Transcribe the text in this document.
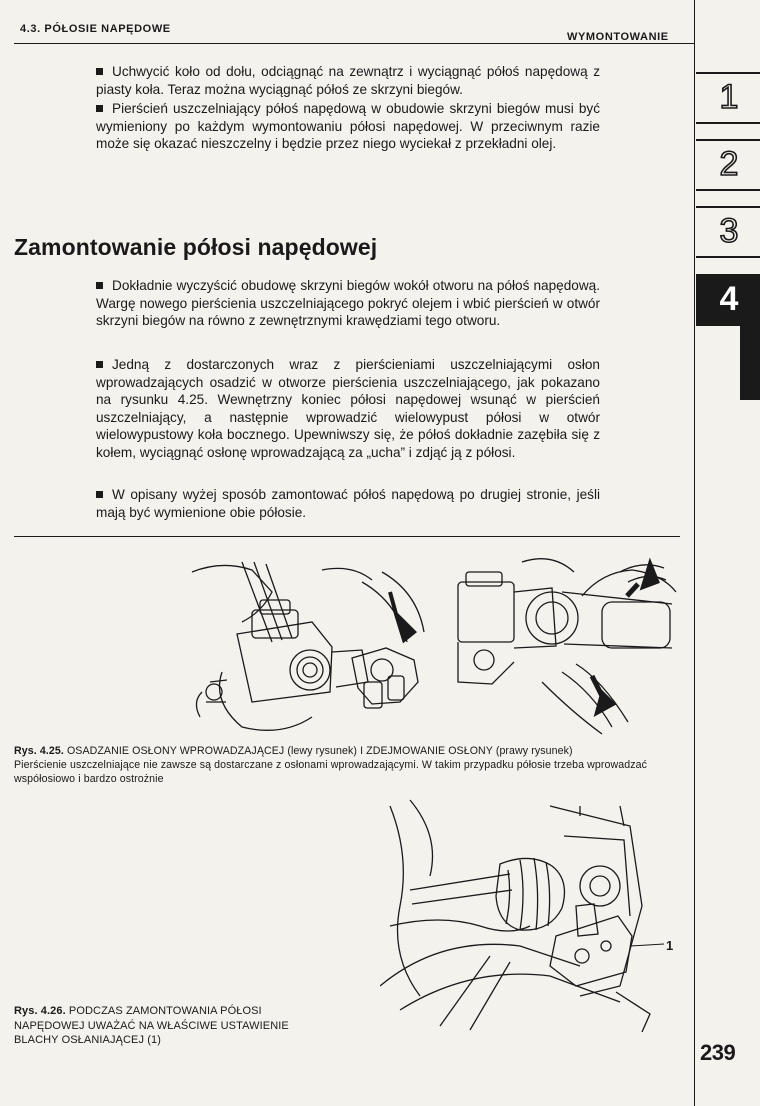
4.3. PÓŁOSIE NAPĘDOWE
WYMONTOWANIE
1
2
3
4
Uchwycić koło od dołu, odciągnąć na zewnątrz i wyciągnąć półoś napędową z piasty koła. Teraz można wyciągnąć półoś ze skrzyni biegów.
Pierścień uszczelniający półoś napędową w obudowie skrzyni biegów musi być wymieniony po każdym wymontowaniu półosi napędowej. W przeciwnym razie może się okazać nieszczelny i będzie przez niego wyciekał z przekładni olej.
Zamontowanie półosi napędowej
Dokładnie wyczyścić obudowę skrzyni biegów wokół otworu na półoś napędową. Wargę nowego pierścienia uszczelniającego pokryć olejem i wbić pierścień w otwór skrzyni biegów na równo z zewnętrznymi krawędziami tego otworu.
Jedną z dostarczonych wraz z pierścieniami uszczelniającymi osłon wprowadzających osadzić w otworze pierścienia uszczelniającego, jak pokazano na rysunku 4.25. Wewnętrzny koniec półosi napędowej wsunąć w pierścień uszczelniający, a następnie wprowadzić wielowypust półosi w otwór wielowypustowy koła bocznego. Upewniwszy się, że półoś dokładnie zazębiła się z kołem, wyciągnąć osłonę wprowadzającą za „ucha” i zdjąć ją z półosi.
W opisany wyżej sposób zamontować półoś napędową po drugiej stronie, jeśli mają być wymienione obie półosie.
Rys. 4.25. OSADZANIE OSŁONY WPROWADZAJĄCEJ (lewy rysunek) I ZDEJMOWANIE OSŁONY (prawy rysunek)
Pierścienie uszczelniające nie zawsze są dostarczane z osłonami wprowadzającymi. W takim przypadku półosie trzeba wprowadzać współosiowo i bardzo ostrożnie
1
Rys. 4.26. PODCZAS ZAMONTOWANIA PÓŁOSI NAPĘDOWEJ UWAŻAĆ NA WŁAŚCIWE USTAWIENIE BLACHY OSŁANIAJĄCEJ (1)	239
